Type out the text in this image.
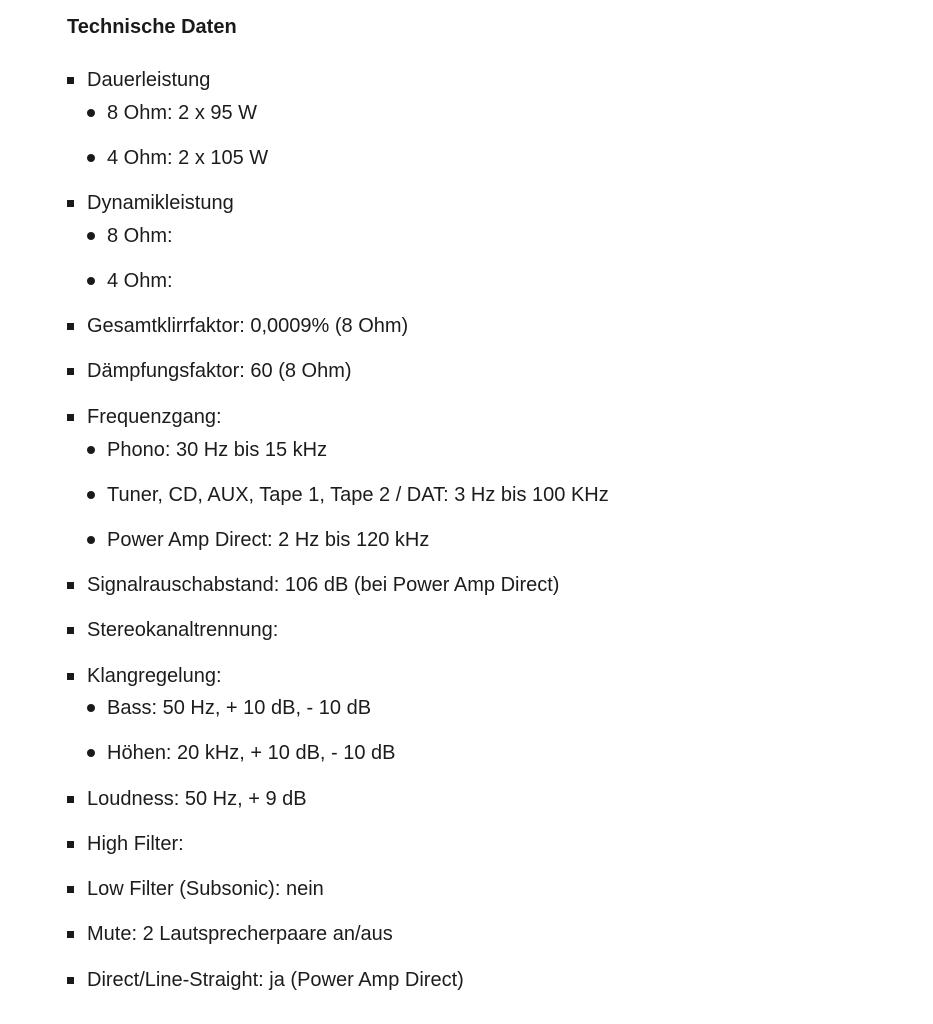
Technische Daten
Dauerleistung
8 Ohm: 2 x 95 W
4 Ohm: 2 x 105 W
Dynamikleistung
8 Ohm:
4 Ohm:
Gesamtklirrfaktor: 0,0009% (8 Ohm)
Dämpfungsfaktor: 60 (8 Ohm)
Frequenzgang:
Phono: 30 Hz bis 15 kHz
Tuner, CD, AUX, Tape 1, Tape 2 / DAT: 3 Hz bis 100 KHz
Power Amp Direct: 2 Hz bis 120 kHz
Signalrauschabstand: 106 dB (bei Power Amp Direct)
Stereokanaltrennung:
Klangregelung:
Bass: 50 Hz, + 10 dB, - 10 dB
Höhen: 20 kHz, + 10 dB, - 10 dB
Loudness: 50 Hz, + 9 dB
High Filter:
Low Filter (Subsonic): nein
Mute: 2 Lautsprecherpaare an/aus
Direct/Line-Straight: ja (Power Amp Direct)
